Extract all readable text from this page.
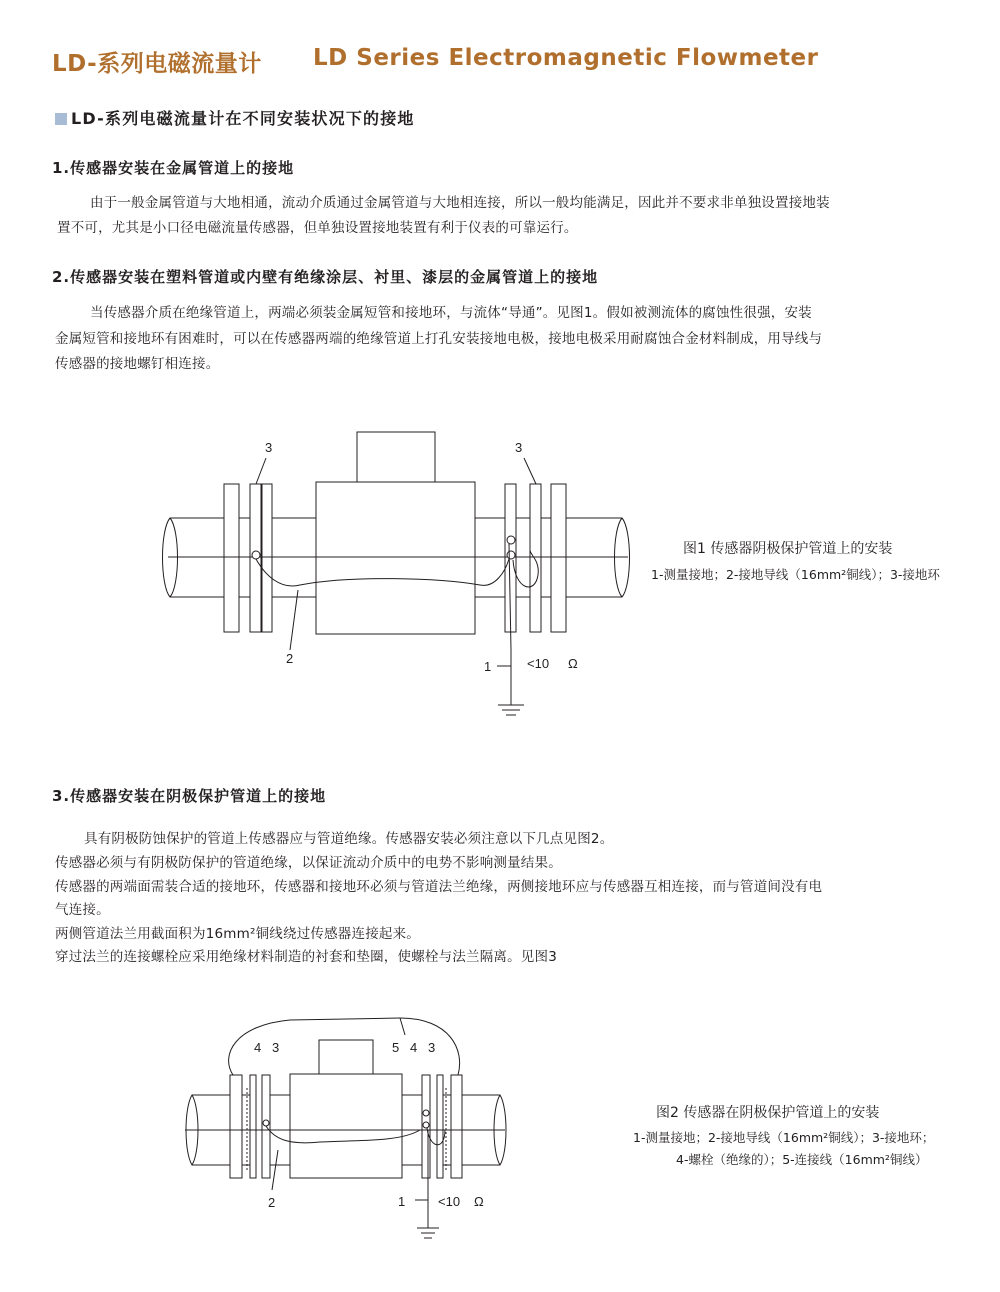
LD-系列电磁流量计 LD Series Electromagnetic Flowmeter
LD-系列电磁流量计在不同安装状况下的接地
1.传感器安装在金属管道上的接地
由于一般金属管道与大地相通，流动介质通过金属管道与大地相连接，所以一般均能满足，因此并不要求非单独设置接地装
置不可，尤其是小口径电磁流量传感器，但单独设置接地装置有利于仪表的可靠运行。
2.传感器安装在塑料管道或内壁有绝缘涂层、衬里、漆层的金属管道上的接地
当传感器介质在绝缘管道上，两端必须装金属短管和接地环，与流体“导通”。见图1。假如被测流体的腐蚀性很强，安装
金属短管和接地环有困难时，可以在传感器两端的绝缘管道上打孔安装接地电极，接地电极采用耐腐蚀合金材料制成，用导线与
传感器的接地螺钉相连接。
3	3
2
1	<10 Ω
4 3	5 4 3
2	1	<10 Ω
图1 传感器阴极保护管道上的安装
1-测量接地；2-接地导线（16mm²铜线）；3-接地环
3.传感器安装在阴极保护管道上的接地
具有阴极防蚀保护的管道上传感器应与管道绝缘。传感器安装必须注意以下几点见图2。
传感器必须与有阴极防保护的管道绝缘，以保证流动介质中的电势不影响测量结果。
传感器的两端面需装合适的接地环，传感器和接地环必须与管道法兰绝缘，两侧接地环应与传感器互相连接，而与管道间没有电
气连接。
两侧管道法兰用截面积为16mm²铜线绕过传感器连接起来。
穿过法兰的连接螺栓应采用绝缘材料制造的衬套和垫圈，使螺栓与法兰隔离。见图3
图2 传感器在阴极保护管道上的安装
1-测量接地；2-接地导线（16mm²铜线）；3-接地环；
4-螺栓（绝缘的）；5-连接线（16mm²铜线）
